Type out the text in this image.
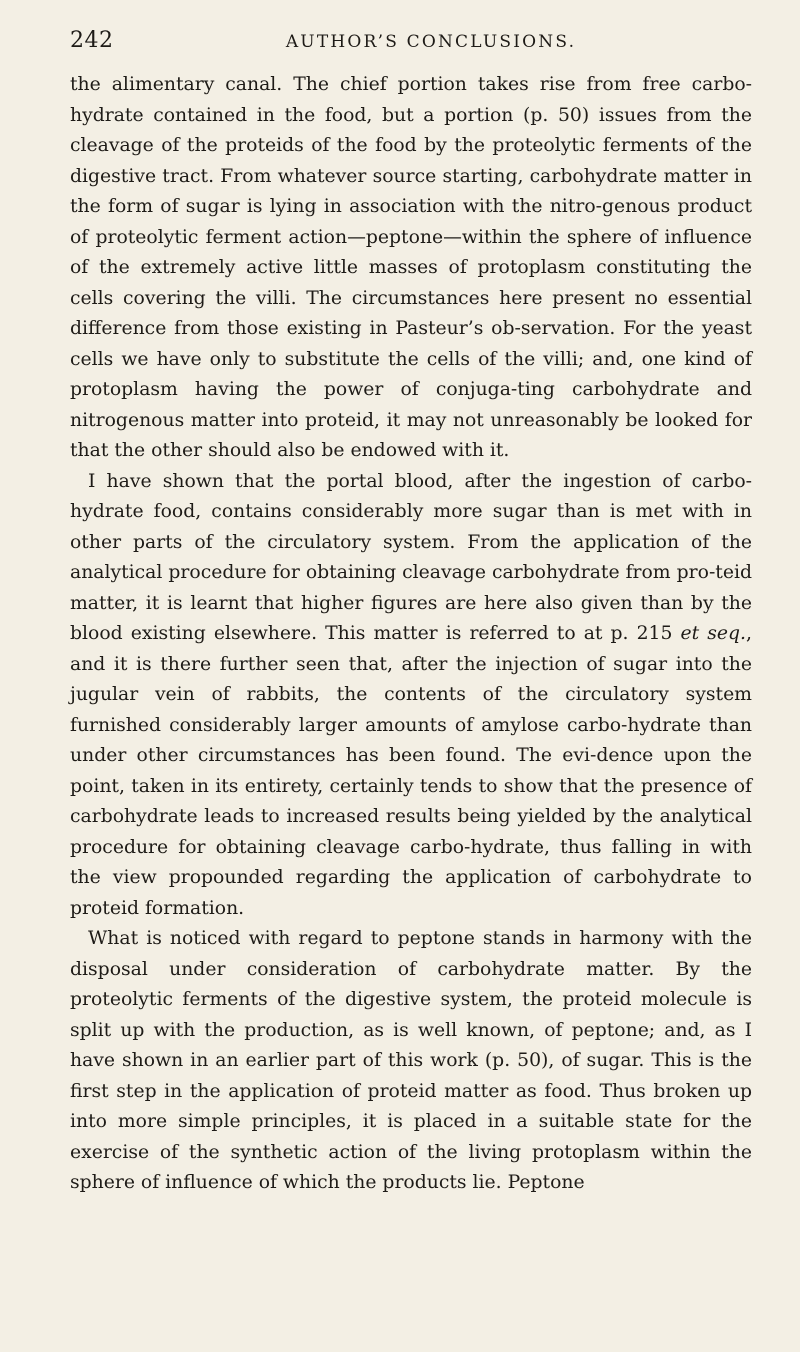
242	AUTHOR’S CONCLUSIONS.

the alimentary canal. The chief portion takes rise from free carbo-hydrate contained in the food, but a portion (p. 50) issues from the cleavage of the proteids of the food by the proteolytic ferments of the digestive tract. From whatever source starting, carbohydrate matter in the form of sugar is lying in association with the nitro-genous product of proteolytic ferment action—peptone—within the sphere of influence of the extremely active little masses of protoplasm constituting the cells covering the villi. The circumstances here present no essential difference from those existing in Pasteur’s ob-servation. For the yeast cells we have only to substitute the cells of the villi; and, one kind of protoplasm having the power of conjuga-ting carbohydrate and nitrogenous matter into proteid, it may not unreasonably be looked for that the other should also be endowed with it.

I have shown that the portal blood, after the ingestion of carbo-hydrate food, contains considerably more sugar than is met with in other parts of the circulatory system. From the application of the analytical procedure for obtaining cleavage carbohydrate from pro-teid matter, it is learnt that higher figures are here also given than by the blood existing elsewhere. This matter is referred to at p. 215 et seq., and it is there further seen that, after the injection of sugar into the jugular vein of rabbits, the contents of the circulatory system furnished considerably larger amounts of amylose carbo-hydrate than under other circumstances has been found. The evi-dence upon the point, taken in its entirety, certainly tends to show that the presence of carbohydrate leads to increased results being yielded by the analytical procedure for obtaining cleavage carbo-hydrate, thus falling in with the view propounded regarding the application of carbohydrate to proteid formation.

What is noticed with regard to peptone stands in harmony with the disposal under consideration of carbohydrate matter. By the proteolytic ferments of the digestive system, the proteid molecule is split up with the production, as is well known, of peptone; and, as I have shown in an earlier part of this work (p. 50), of sugar. This is the first step in the application of proteid matter as food. Thus broken up into more simple principles, it is placed in a suitable state for the exercise of the synthetic action of the living protoplasm within the sphere of influence of which the products lie. Peptone
